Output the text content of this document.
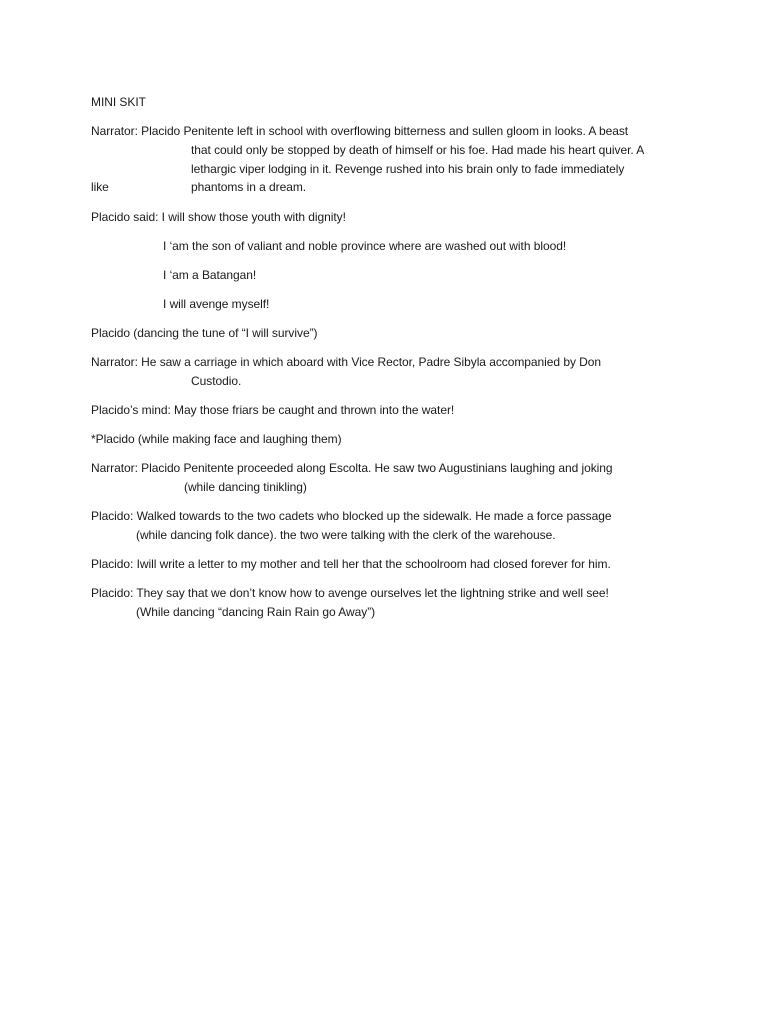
MINI SKIT
Narrator: Placido Penitente left in school with overflowing bitterness and sullen gloom in looks. A beast
that could only be stopped by death of himself or his foe. Had made his heart quiver. A
lethargic viper lodging in it. Revenge rushed into his brain only to fade immediately
like	phantoms in a dream.
Placido said: I will show those youth with dignity!
I ‘am the son of valiant and noble province where are washed out with blood!
I ‘am a Batangan!
I will avenge myself!
Placido (dancing the tune of “I will survive”)
Narrator: He saw a carriage in which aboard with Vice Rector, Padre Sibyla accompanied by Don
Custodio.
Placido’s mind: May those friars be caught and thrown into the water!
*Placido (while making face and laughing them)
Narrator: Placido Penitente proceeded along Escolta. He saw two Augustinians laughing and joking
(while dancing tinikling)
Placido: Walked towards to the two cadets who blocked up the sidewalk. He made a force passage
(while dancing folk dance). the two were talking with the clerk of the warehouse.
Placido: Iwill write a letter to my mother and tell her that the schoolroom had closed forever for him.
Placido: They say that we don’t know how to avenge ourselves let the lightning strike and well see!
(While dancing “dancing Rain Rain go Away”)
